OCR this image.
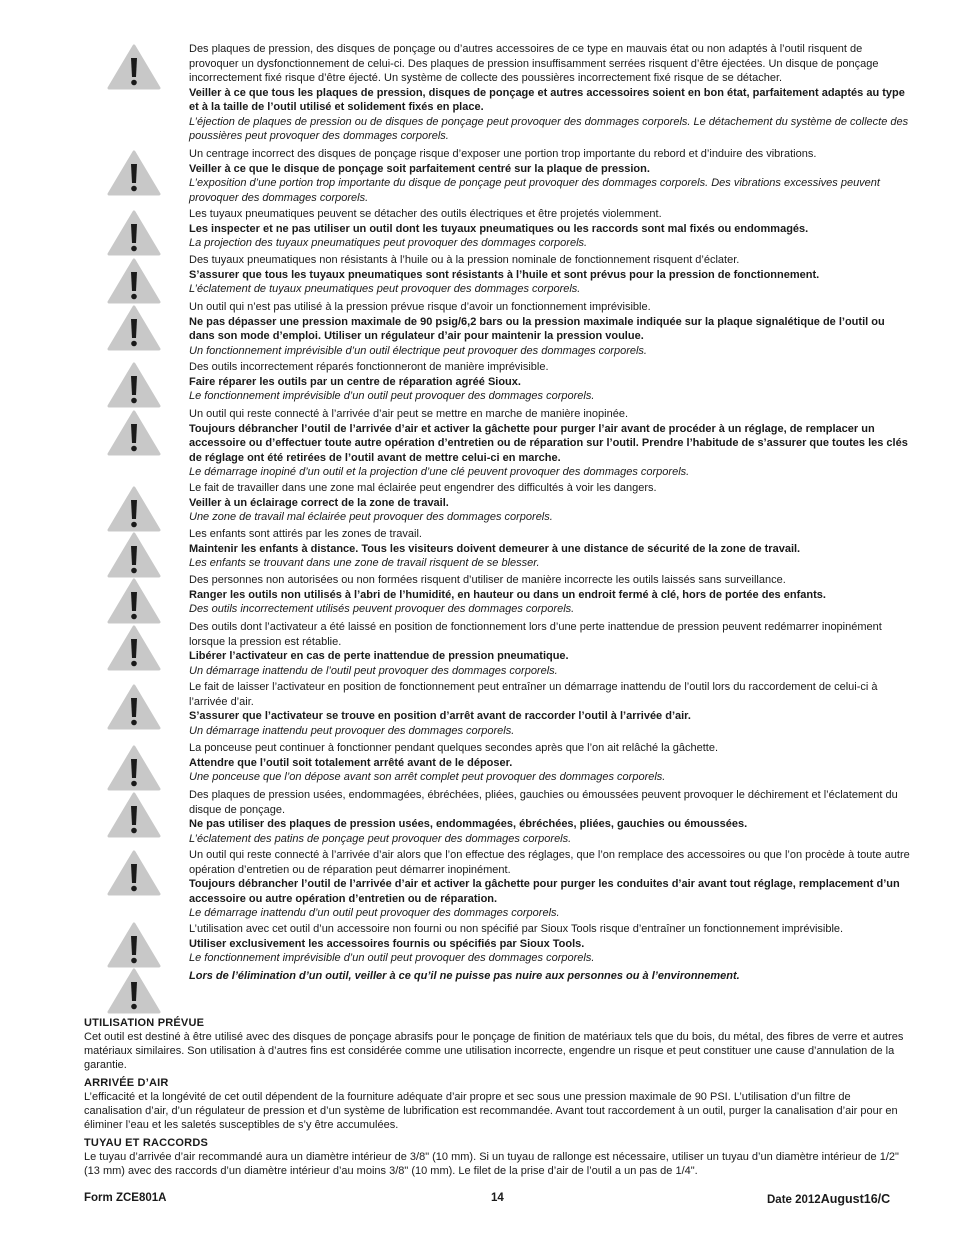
Des plaques de pression, des disques de ponçage ou d’autres accessoires de ce type en mauvais état ou non adaptés à l’outil risquent de provoquer un dysfonctionnement de celui-ci. Des plaques de pression insuffisamment serrées risquent d’être éjectées. Un disque de ponçage incorrectement fixé risque d’être éjecté. Un système de collecte des poussières incorrectement fixé risque de se détacher.

Veiller à ce que tous les plaques de pression, disques de ponçage et autres accessoires soient en bon état, parfaitement adaptés au type et à la taille de l’outil utilisé et solidement fixés en place.

L’éjection de plaques de pression ou de disques de ponçage peut provoquer des dommages corporels. Le détachement du système de collecte des poussières peut provoquer des dommages corporels.

Un centrage incorrect des disques de ponçage risque d’exposer une portion trop importante du rebord et d’induire des vibrations.

Veiller à ce que le disque de ponçage soit parfaitement centré sur la plaque de pression.

L’exposition d’une portion trop importante du disque de ponçage peut provoquer des dommages corporels. Des vibrations excessives peuvent provoquer des dommages corporels.

Les tuyaux pneumatiques peuvent se détacher des outils électriques et être projetés violemment.

Les inspecter et ne pas utiliser un outil dont les tuyaux pneumatiques ou les raccords sont mal fixés ou endommagés.

La projection des tuyaux pneumatiques peut provoquer des dommages corporels.

Des tuyaux pneumatiques non résistants à l’huile ou à la pression nominale de fonctionnement risquent d’éclater.

S’assurer que tous les tuyaux pneumatiques sont résistants à l’huile et sont prévus pour la pression de fonctionnement.

L’éclatement de tuyaux pneumatiques peut provoquer des dommages corporels.

Un outil qui n’est pas utilisé à la pression prévue risque d’avoir un fonctionnement imprévisible.

Ne pas dépasser une pression maximale de 90 psig/6,2 bars ou la pression maximale indiquée sur la plaque signalétique de l’outil ou dans son mode d’emploi. Utiliser un régulateur d’air pour maintenir la pression voulue.

Un fonctionnement imprévisible d’un outil électrique peut provoquer des dommages corporels.

Des outils incorrectement réparés fonctionneront de manière imprévisible.

Faire réparer les outils par un centre de réparation agréé Sioux.

Le fonctionnement imprévisible d’un outil peut provoquer des dommages corporels.

Un outil qui reste connecté à l’arrivée d’air peut se mettre en marche de manière inopinée.

Toujours débrancher l’outil de l’arrivée d’air et activer la gâchette pour purger l’air avant de procéder à un réglage, de remplacer un accessoire ou d’effectuer toute autre opération d’entretien ou de réparation sur l’outil. Prendre l’habitude de s’assurer que toutes les clés de réglage ont été retirées de l’outil avant de mettre celui-ci en marche.

Le démarrage inopiné d’un outil et la projection d’une clé peuvent provoquer des dommages corporels.

Le fait de travailler dans une zone mal éclairée peut engendrer des difficultés à voir les dangers.

Veiller à un éclairage correct de la zone de travail.

Une zone de travail mal éclairée peut provoquer des dommages corporels.

Les enfants sont attirés par les zones de travail.

Maintenir les enfants à distance. Tous les visiteurs doivent demeurer à une distance de sécurité de la zone de travail.

Les enfants se trouvant dans une zone de travail risquent de se blesser.

Des personnes non autorisées ou non formées risquent d’utiliser de manière incorrecte les outils laissés sans surveillance.

Ranger les outils non utilisés à l’abri de l’humidité, en hauteur ou dans un endroit fermé à clé, hors de portée des enfants.

Des outils incorrectement utilisés peuvent provoquer des dommages corporels.

Des outils dont l’activateur a été laissé en position de fonctionnement lors d’une perte inattendue de pression peuvent redémarrer inopinément lorsque la pression est rétablie.

Libérer l’activateur en cas de perte inattendue de pression pneumatique.

Un démarrage inattendu de l’outil peut provoquer des dommages corporels.

Le fait de laisser l’activateur en position de fonctionnement peut entraîner un démarrage inattendu de l’outil lors du raccordement de celui-ci à l’arrivée d’air.

S’assurer que l’activateur se trouve en position d’arrêt avant de raccorder l’outil à l’arrivée d’air.

Un démarrage inattendu peut provoquer des dommages corporels.

La ponceuse peut continuer à fonctionner pendant quelques secondes après que l’on ait relâché la gâchette.

Attendre que l’outil soit totalement arrêté avant de le déposer.

Une ponceuse que l’on dépose avant son arrêt complet peut provoquer des dommages corporels.

Des plaques de pression usées, endommagées, ébréchées, pliées, gauchies ou émoussées peuvent provoquer le déchirement et l’éclatement du disque de ponçage.

Ne pas utiliser des plaques de pression usées, endommagées, ébréchées, pliées, gauchies ou émoussées.

L’éclatement des patins de ponçage peut provoquer des dommages corporels.

Un outil qui reste connecté à l’arrivée d’air alors que l’on effectue des réglages, que l’on remplace des accessoires ou que l’on procède à toute autre opération d’entretien ou de réparation peut démarrer inopinément.

Toujours débrancher l’outil de l’arrivée d’air et activer la gâchette pour purger les conduites d’air avant tout réglage, remplacement d’un accessoire ou autre opération d’entretien ou de réparation.

Le démarrage inattendu d’un outil peut provoquer des dommages corporels.

L’utilisation avec cet outil d’un accessoire non fourni ou non spécifié par Sioux Tools risque d’entraîner un fonctionnement imprévisible.

Utiliser exclusivement les accessoires fournis ou spécifiés par Sioux Tools.

Le fonctionnement imprévisible d’un outil peut provoquer des dommages corporels.

Lors de l’élimination d’un outil, veiller à ce qu’il ne puisse pas nuire aux personnes ou à l’environnement.

UTILISATION PRÉVUE

Cet outil est destiné à être utilisé avec des disques de ponçage abrasifs pour le ponçage de finition de matériaux tels que du bois, du métal, des fibres de verre et autres matériaux similaires. Son utilisation à d’autres fins est considérée comme une utilisation incorrecte, engendre un risque et peut constituer une cause d’annulation de la garantie.

ARRIVÉE D’AIR

L’efficacité et la longévité de cet outil dépendent de la fourniture adéquate d’air propre et sec sous une pression maximale de 90 PSI. L’utilisation d’un filtre de canalisation d’air, d’un régulateur de pression et d’un système de lubrification est recommandée. Avant tout raccordement à un outil, purger la canalisation d’air pour en éliminer l’eau et les saletés susceptibles de s’y être accumulées.

TUYAU ET RACCORDS

Le tuyau d’arrivée d’air recommandé aura un diamètre intérieur de 3/8" (10 mm). Si un tuyau de rallonge est nécessaire, utiliser un tuyau d’un diamètre intérieur de 1/2" (13 mm) avec des raccords d’un diamètre intérieur d’au moins 3/8" (10 mm). Le filet de la prise d’air de l’outil a un pas de 1/4".

Form ZCE801A	14	Date 2012August16/C
